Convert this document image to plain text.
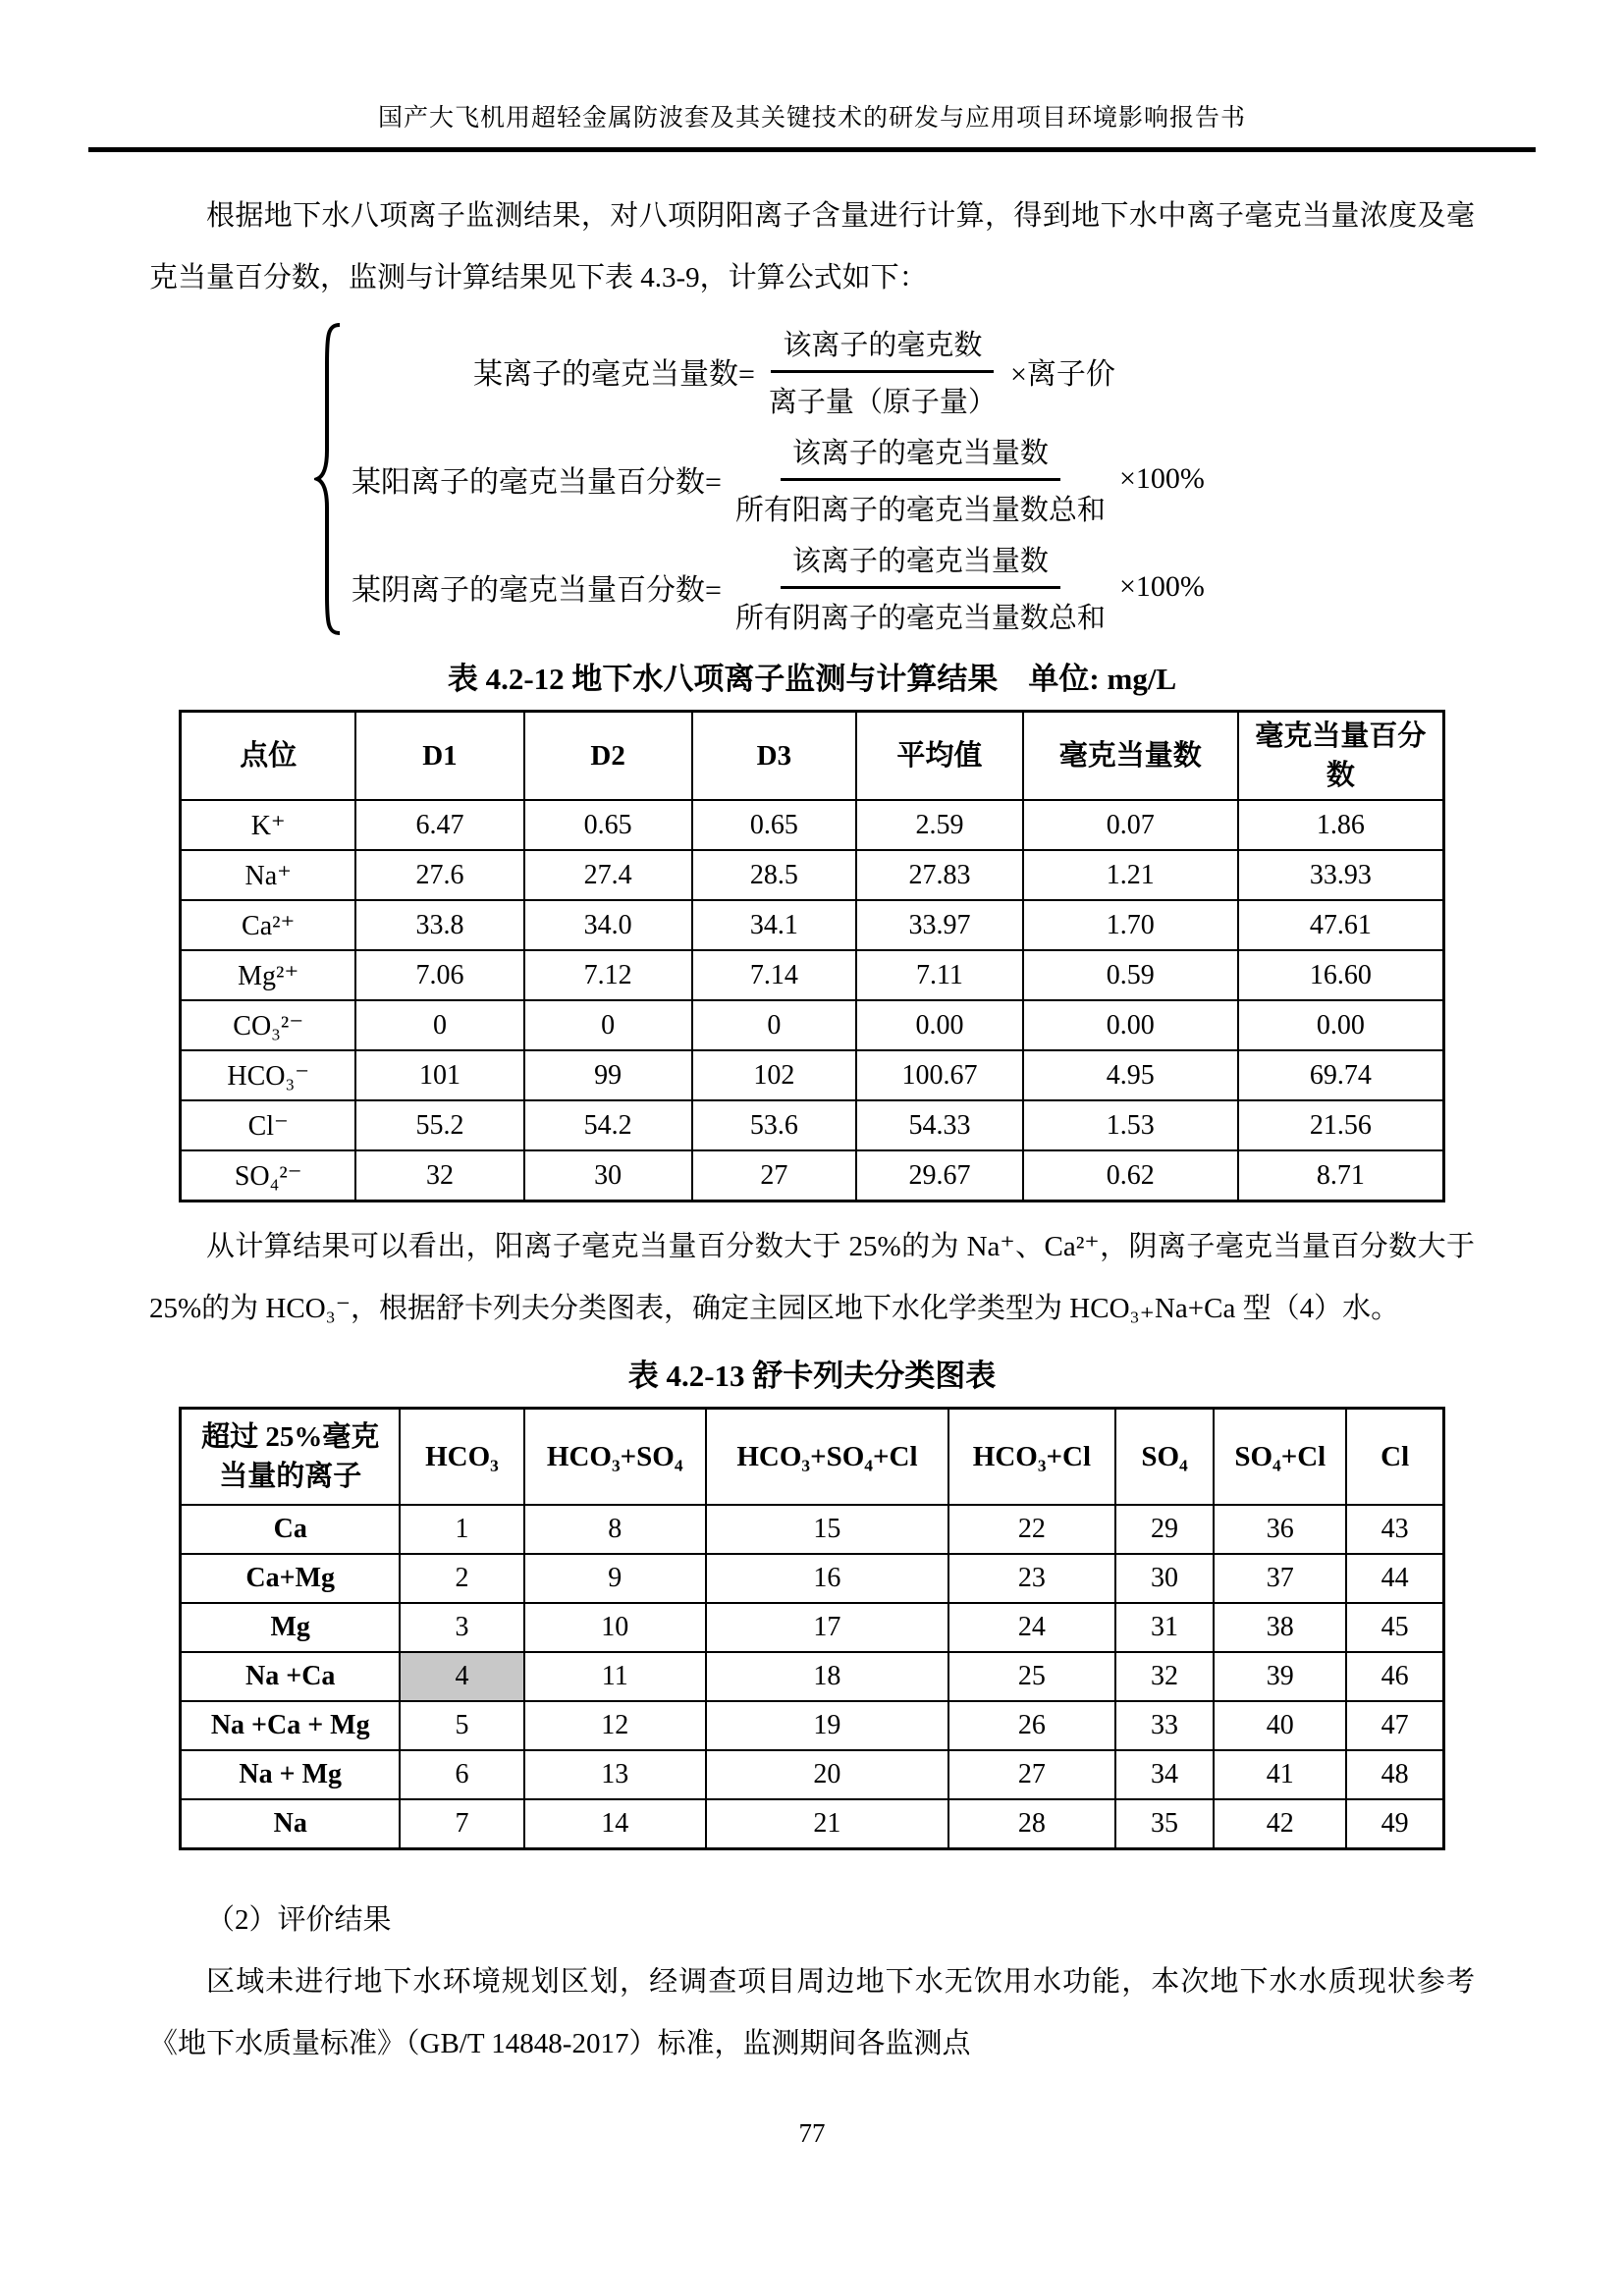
国产大飞机用超轻金属防波套及其关键技术的研发与应用项目环境影响报告书

根据地下水八项离子监测结果，对八项阴阳离子含量进行计算，得到地下水中离子毫克当量浓度及毫克当量百分数，监测与计算结果见下表 4.3-9，计算公式如下：

某离子的毫克当量数= $\frac{\text{该离子的毫克数}}{\text{离子量（原子量）}}$ ×离子价
某阳离子的毫克当量百分数= $\frac{\text{该离子的毫克当量数}}{\text{所有阳离子的毫克当量数总和}} \times 100\%$
某阴离子的毫克当量百分数= $\frac{\text{该离子的毫克当量数}}{\text{所有阴离子的毫克当量数总和}} \times 100\%$
表 4.2-12 地下水八项离子监测与计算结果　单位: mg/L
点位	D1	D2	D3	平均值	毫克当量数	毫克当量百分数
K⁺	6.47	0.65	0.65	2.59	0.07	1.86
Na⁺	27.6	27.4	28.5	27.83	1.21	33.93
Ca²⁺	33.8	34.0	34.1	33.97	1.70	47.61
Mg²⁺	7.06	7.12	7.14	7.11	0.59	16.60
CO₃²⁻	0	0	0	0.00	0.00	0.00
HCO₃⁻	101	99	102	100.67	4.95	69.74
Cl⁻	55.2	54.2	53.6	54.33	1.53	21.56
SO₄²⁻	32	30	27	29.67	0.62	8.71

从计算结果可以看出，阳离子毫克当量百分数大于 25%的为 Na⁺、Ca²⁺，阴离子毫克当量百分数大于 25%的为 HCO₃⁻，根据舒卡列夫分类图表，确定主园区地下水化学类型为 HCO₃₊Na+Ca 型（4）水。

表 4.2-13 舒卡列夫分类图表
超过 25%毫克当量的离子	HCO₃	HCO₃+SO₄	HCO₃+SO₄+Cl	HCO₃+Cl	SO₄	SO₄+Cl	Cl
Ca	1	8	15	22	29	36	43
Ca+Mg	2	9	16	23	30	37	44
Mg	3	10	17	24	31	38	45
Na +Ca	4	11	18	25	32	39	46
Na +Ca + Mg	5	12	19	26	33	40	47
Na + Mg	6	13	20	27	34	41	48
Na	7	14	21	28	35	42	49

（2）评价结果

区域未进行地下水环境规划区划，经调查项目周边地下水无饮用水功能，本次地下水水质现状参考《地下水质量标准》（GB/T 14848-2017）标准，监测期间各监测点

77
